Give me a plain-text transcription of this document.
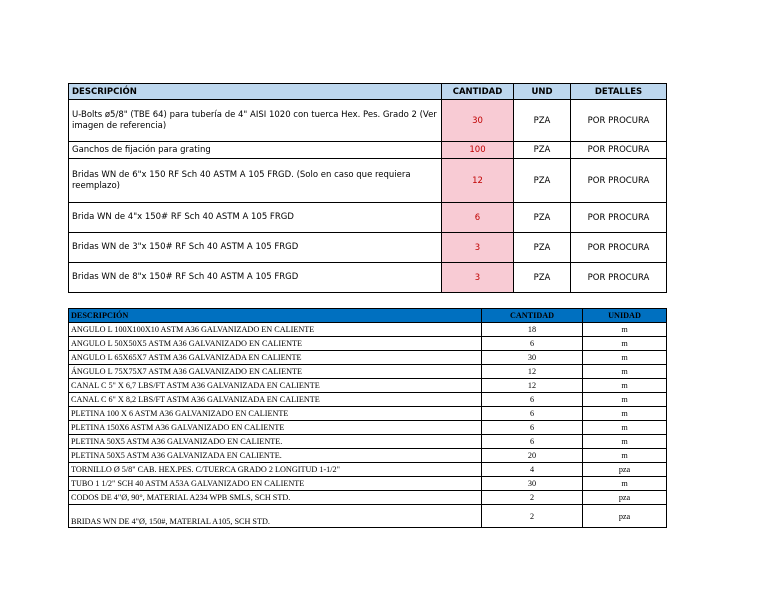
DESCRIPCIÓN	CANTIDAD	UND	DETALLES
U-Bolts ø5/8" (TBE 64) para tubería de 4" AISI 1020 con tuerca Hex. Pes. Grado 2 (Ver imagen de referencia)	30	PZA	POR PROCURA
Ganchos de fijación para grating	100	PZA	POR PROCURA
Bridas WN de 6"x 150 RF Sch 40 ASTM A 105 FRGD. (Solo en caso que requiera reemplazo)	12	PZA	POR PROCURA
Brida WN de 4"x 150# RF Sch 40 ASTM A 105 FRGD	6	PZA	POR PROCURA
Bridas WN de 3"x 150# RF Sch 40 ASTM A 105 FRGD	3	PZA	POR PROCURA
Bridas WN de 8"x 150# RF Sch 40 ASTM A 105 FRGD	3	PZA	POR PROCURA
DESCRIPCIÓN	CANTIDAD	UNIDAD
ANGULO L 100X100X10 ASTM A36 GALVANIZADO EN CALIENTE	18	m
ANGULO L 50X50X5 ASTM A36 GALVANIZADO EN CALIENTE	6	m
ANGULO L 65X65X7 ASTM A36 GALVANIZADA EN CALIENTE	30	m
ÁNGULO L 75X75X7 ASTM A36 GALVANIZADO EN CALIENTE	12	m
CANAL C 5" X 6,7 LBS/FT ASTM A36 GALVANIZADA EN CALIENTE	12	m
CANAL C 6" X 8,2 LBS/FT ASTM A36 GALVANIZADA EN CALIENTE	6	m
PLETINA 100 X 6 ASTM A36 GALVANIZADO EN CALIENTE	6	m
PLETINA 150X6 ASTM A36 GALVANIZADO EN CALIENTE	6	m
PLETINA 50X5 ASTM A36 GALVANIZADO EN CALIENTE.	6	m
PLETINA 50X5 ASTM A36 GALVANIZADA EN CALIENTE.	20	m
TORNILLO Ø 5/8" CAB. HEX.PES. C/TUERCA GRADO 2 LONGITUD 1-1/2"	4	pza
TUBO 1 1/2" SCH 40 ASTM A53A GALVANIZADO EN CALIENTE	30	m
CODOS DE 4"Ø, 90°, MATERIAL A234 WPB SMLS, SCH STD.	2	pza
BRIDAS WN DE 4"Ø, 150#, MATERIAL A105, SCH STD.	2	pza
